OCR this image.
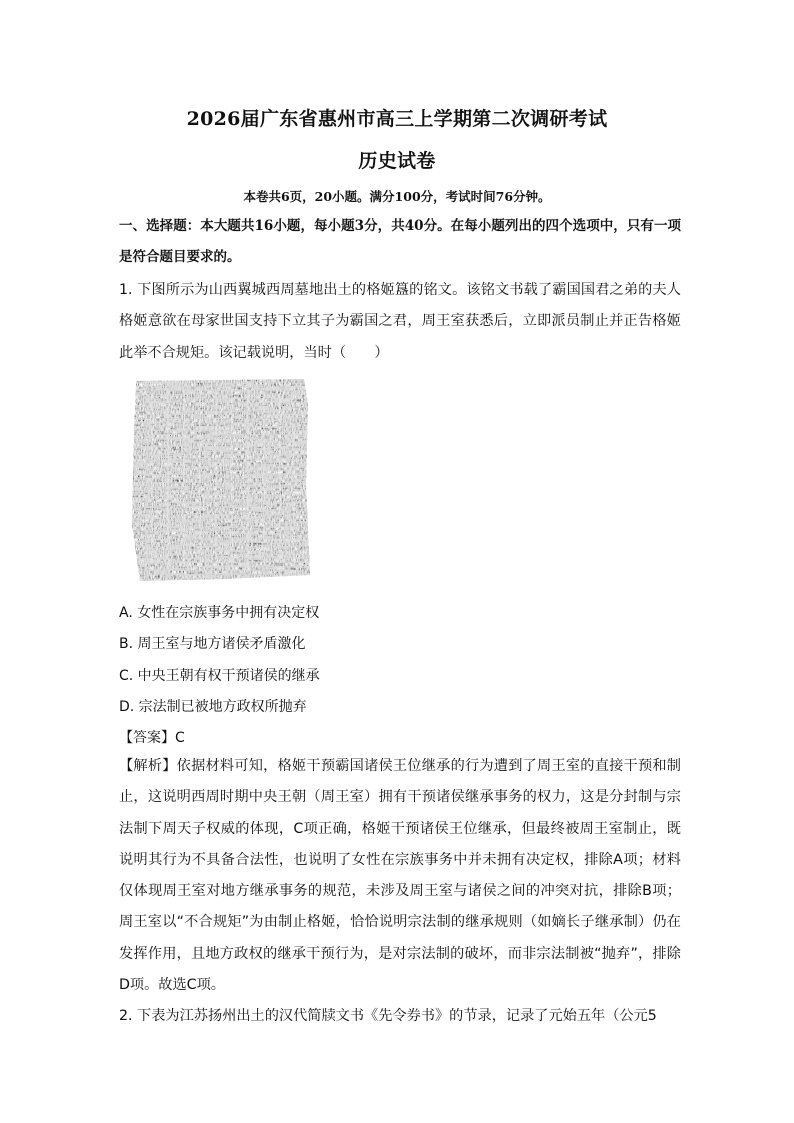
2026届广东省惠州市高三上学期第二次调研考试
历史试卷
本卷共6页，20小题。满分100分，考试时间76分钟。
一、选择题：本大题共16小题，每小题3分，共40分。在每小题列出的四个选项中，只有一项是符合题目要求的。
1. 下图所示为山西翼城西周墓地出土的格姬簋的铭文。该铭文书载了霸国国君之弟的夫人格姬意欲在母家世国支持下立其子为霸国之君，周王室获悉后，立即派员制止并正告格姬此举不合规矩。该记载说明，当时（　　）
A. 女性在宗族事务中拥有决定权
B. 周王室与地方诸侯矛盾激化
C. 中央王朝有权干预诸侯的继承
D. 宗法制已被地方政权所抛弃
【答案】C
【解析】依据材料可知，格姬干预霸国诸侯王位继承的行为遭到了周王室的直接干预和制止，这说明西周时期中央王朝（周王室）拥有干预诸侯继承事务的权力，这是分封制与宗法制下周天子权威的体现，C项正确，格姬干预诸侯王位继承，但最终被周王室制止，既说明其行为不具备合法性，也说明了女性在宗族事务中并未拥有决定权，排除A项；材料仅体现周王室对地方继承事务的规范，未涉及周王室与诸侯之间的冲突对抗，排除B项；周王室以“不合规矩”为由制止格姬，恰恰说明宗法制的继承规则（如嫡长子继承制）仍在发挥作用，且地方政权的继承干预行为，是对宗法制的破坏，而非宗法制被“抛弃”，排除D项。故选C项。
2. 下表为江苏扬州出土的汉代简牍文书《先令券书》的节录，记录了元始五年（公元5
